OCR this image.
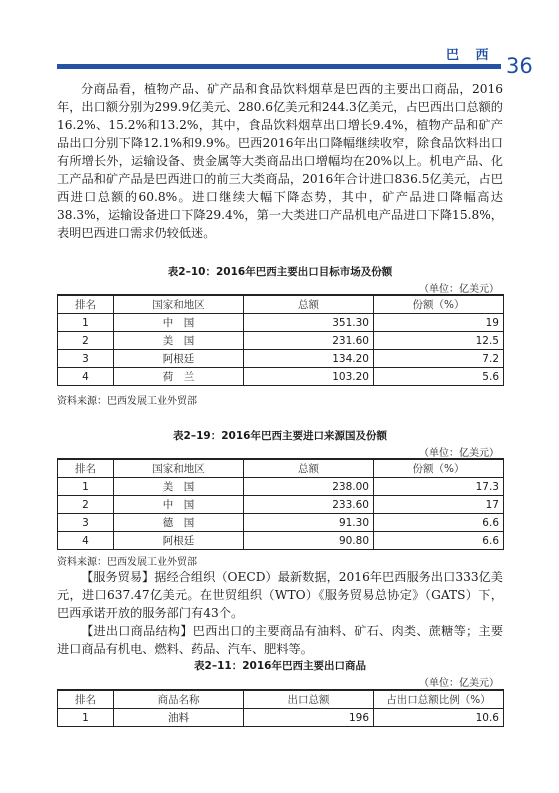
巴 西 36

分商品看，植物产品、矿产品和食品饮料烟草是巴西的主要出口商品，2016年，出口额分别为299.9亿美元、280.6亿美元和244.3亿美元，占巴西出口总额的16.2%、15.2%和13.2%，其中，食品饮料烟草出口增长9.4%，植物产品和矿产品出口分别下降12.1%和9.9%。巴西2016年出口降幅继续收窄，除食品饮料出口有所增长外，运输设备、贵金属等大类商品出口增幅均在20%以上。机电产品、化工产品和矿产品是巴西进口的前三大类商品，2016年合计进口836.5亿美元，占巴西进口总额的60.8%。进口继续大幅下降态势，其中，矿产品进口降幅高达38.3%，运输设备进口下降29.4%，第一大类进口产品机电产品进口下降15.8%，表明巴西进口需求仍较低迷。

表2–10：2016年巴西主要出口目标市场及份额
（单位：亿美元）
排名	国家和地区	总额	份额（%）
1	中　国	351.30	19
2	美　国	231.60	12.5
3	阿根廷	134.20	7.2
4	荷　兰	103.20	5.6
资料来源：巴西发展工业外贸部
表2–19：2016年巴西主要进口来源国及份额
（单位：亿美元）
排名	国家和地区	总额	份额（%）
1	美　国	238.00	17.3
2	中　国	233.60	17
3	德　国	91.30	6.6
4	阿根廷	90.80	6.6
资料来源：巴西发展工业外贸部

【服务贸易】据经合组织（OECD）最新数据，2016年巴西服务出口333亿美元，进口637.47亿美元。在世贸组织（WTO）《服务贸易总协定》（GATS）下，巴西承诺开放的服务部门有43个。

【进出口商品结构】巴西出口的主要商品有油料、矿石、肉类、蔗糖等；主要进口商品有机电、燃料、药品、汽车、肥料等。

表2–11：2016年巴西主要出口商品
（单位：亿美元）
排名	商品名称	出口总额	占出口总额比例（%）
1	油料	196	10.6
